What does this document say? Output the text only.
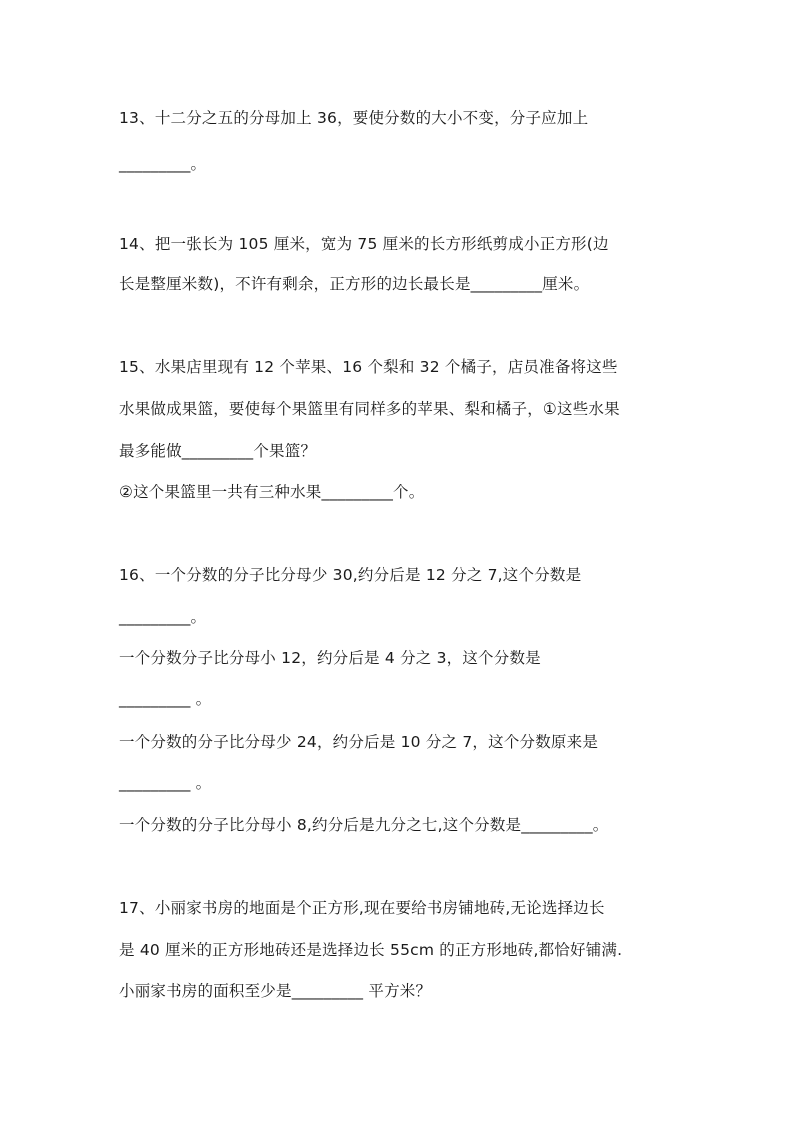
13、十二分之五的分母加上 36，要使分数的大小不变，分子应加上
_________。
14、把一张长为 105 厘米，宽为 75 厘米的长方形纸剪成小正方形(边
长是整厘米数)，不许有剩余，正方形的边长最长是_________厘米。
15、水果店里现有 12 个苹果、16 个梨和 32 个橘子，店员准备将这些
水果做成果篮，要使每个果篮里有同样多的苹果、梨和橘子，①这些水果
最多能做_________个果篮？
②这个果篮里一共有三种水果_________个。
16、一个分数的分子比分母少 30,约分后是 12 分之 7,这个分数是
_________。
一个分数分子比分母小 12，约分后是 4 分之 3，这个分数是
_________ 。
一个分数的分子比分母少 24，约分后是 10 分之 7，这个分数原来是
_________ 。
一个分数的分子比分母小 8,约分后是九分之七,这个分数是_________。
17、小丽家书房的地面是个正方形,现在要给书房铺地砖,无论选择边长
是 40 厘米的正方形地砖还是选择边长 55cm 的正方形地砖,都恰好铺满.
小丽家书房的面积至少是_________ 平方米？
